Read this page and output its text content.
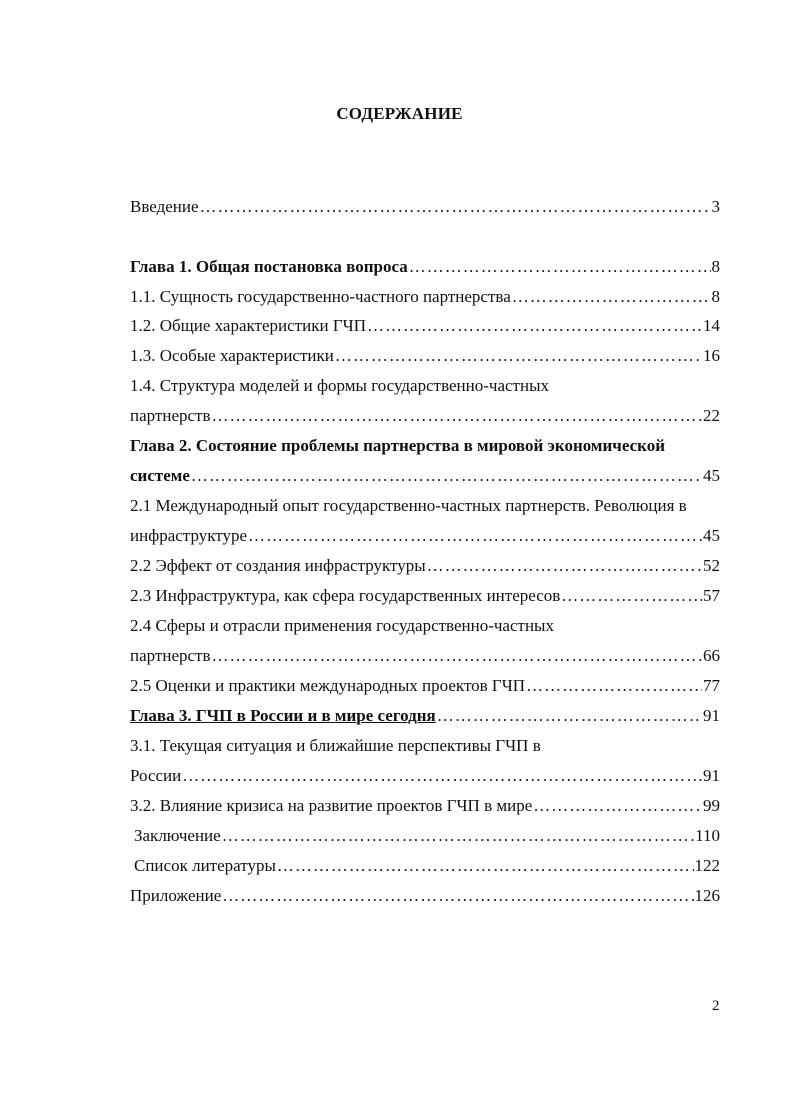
СОДЕРЖАНИЕ
Введение ……………………………………………………………………………………………………………………………………………………………………………………………	3
Глава 1. Общая постановка вопроса ……………………………………………………………………………………………………………………………………………………………………………………………	8
1.1. Сущность государственно-частного партнерства ……………………………………………………………………………………………………………………………………………………………………………………………	8
1.2. Общие характеристики ГЧП ……………………………………………………………………………………………………………………………………………………………………………………………	14
1.3. Особые характеристики ……………………………………………………………………………………………………………………………………………………………………………………………	16
1.4. Структура моделей и формы государственно-частных
партнерств ……………………………………………………………………………………………………………………………………………………………………………………………	22
Глава 2. Состояние проблемы партнерства в мировой экономической
системе ……………………………………………………………………………………………………………………………………………………………………………………………	45
2.1 Международный опыт государственно-частных партнерств. Революция в
инфраструктуре ……………………………………………………………………………………………………………………………………………………………………………………………	45
2.2 Эффект от создания инфраструктуры ……………………………………………………………………………………………………………………………………………………………………………………………	52
2.3 Инфраструктура, как сфера государственных интересов ……………………………………………………………………………………………………………………………………………………………………………………………	57
2.4 Сферы и отрасли применения государственно-частных
партнерств ……………………………………………………………………………………………………………………………………………………………………………………………	66
2.5 Оценки и практики международных проектов ГЧП ……………………………………………………………………………………………………………………………………………………………………………………………	77
Глава 3. ГЧП в России и в мире сегодня ……………………………………………………………………………………………………………………………………………………………………………………………	91
3.1. Текущая ситуация и ближайшие перспективы ГЧП в
России ……………………………………………………………………………………………………………………………………………………………………………………………	91
3.2. Влияние кризиса на развитие проектов ГЧП в мире ……………………………………………………………………………………………………………………………………………………………………………………………	99
Заключение ……………………………………………………………………………………………………………………………………………………………………………………………	110
Список литературы ……………………………………………………………………………………………………………………………………………………………………………………………	122
Приложение ……………………………………………………………………………………………………………………………………………………………………………………………	126
2
